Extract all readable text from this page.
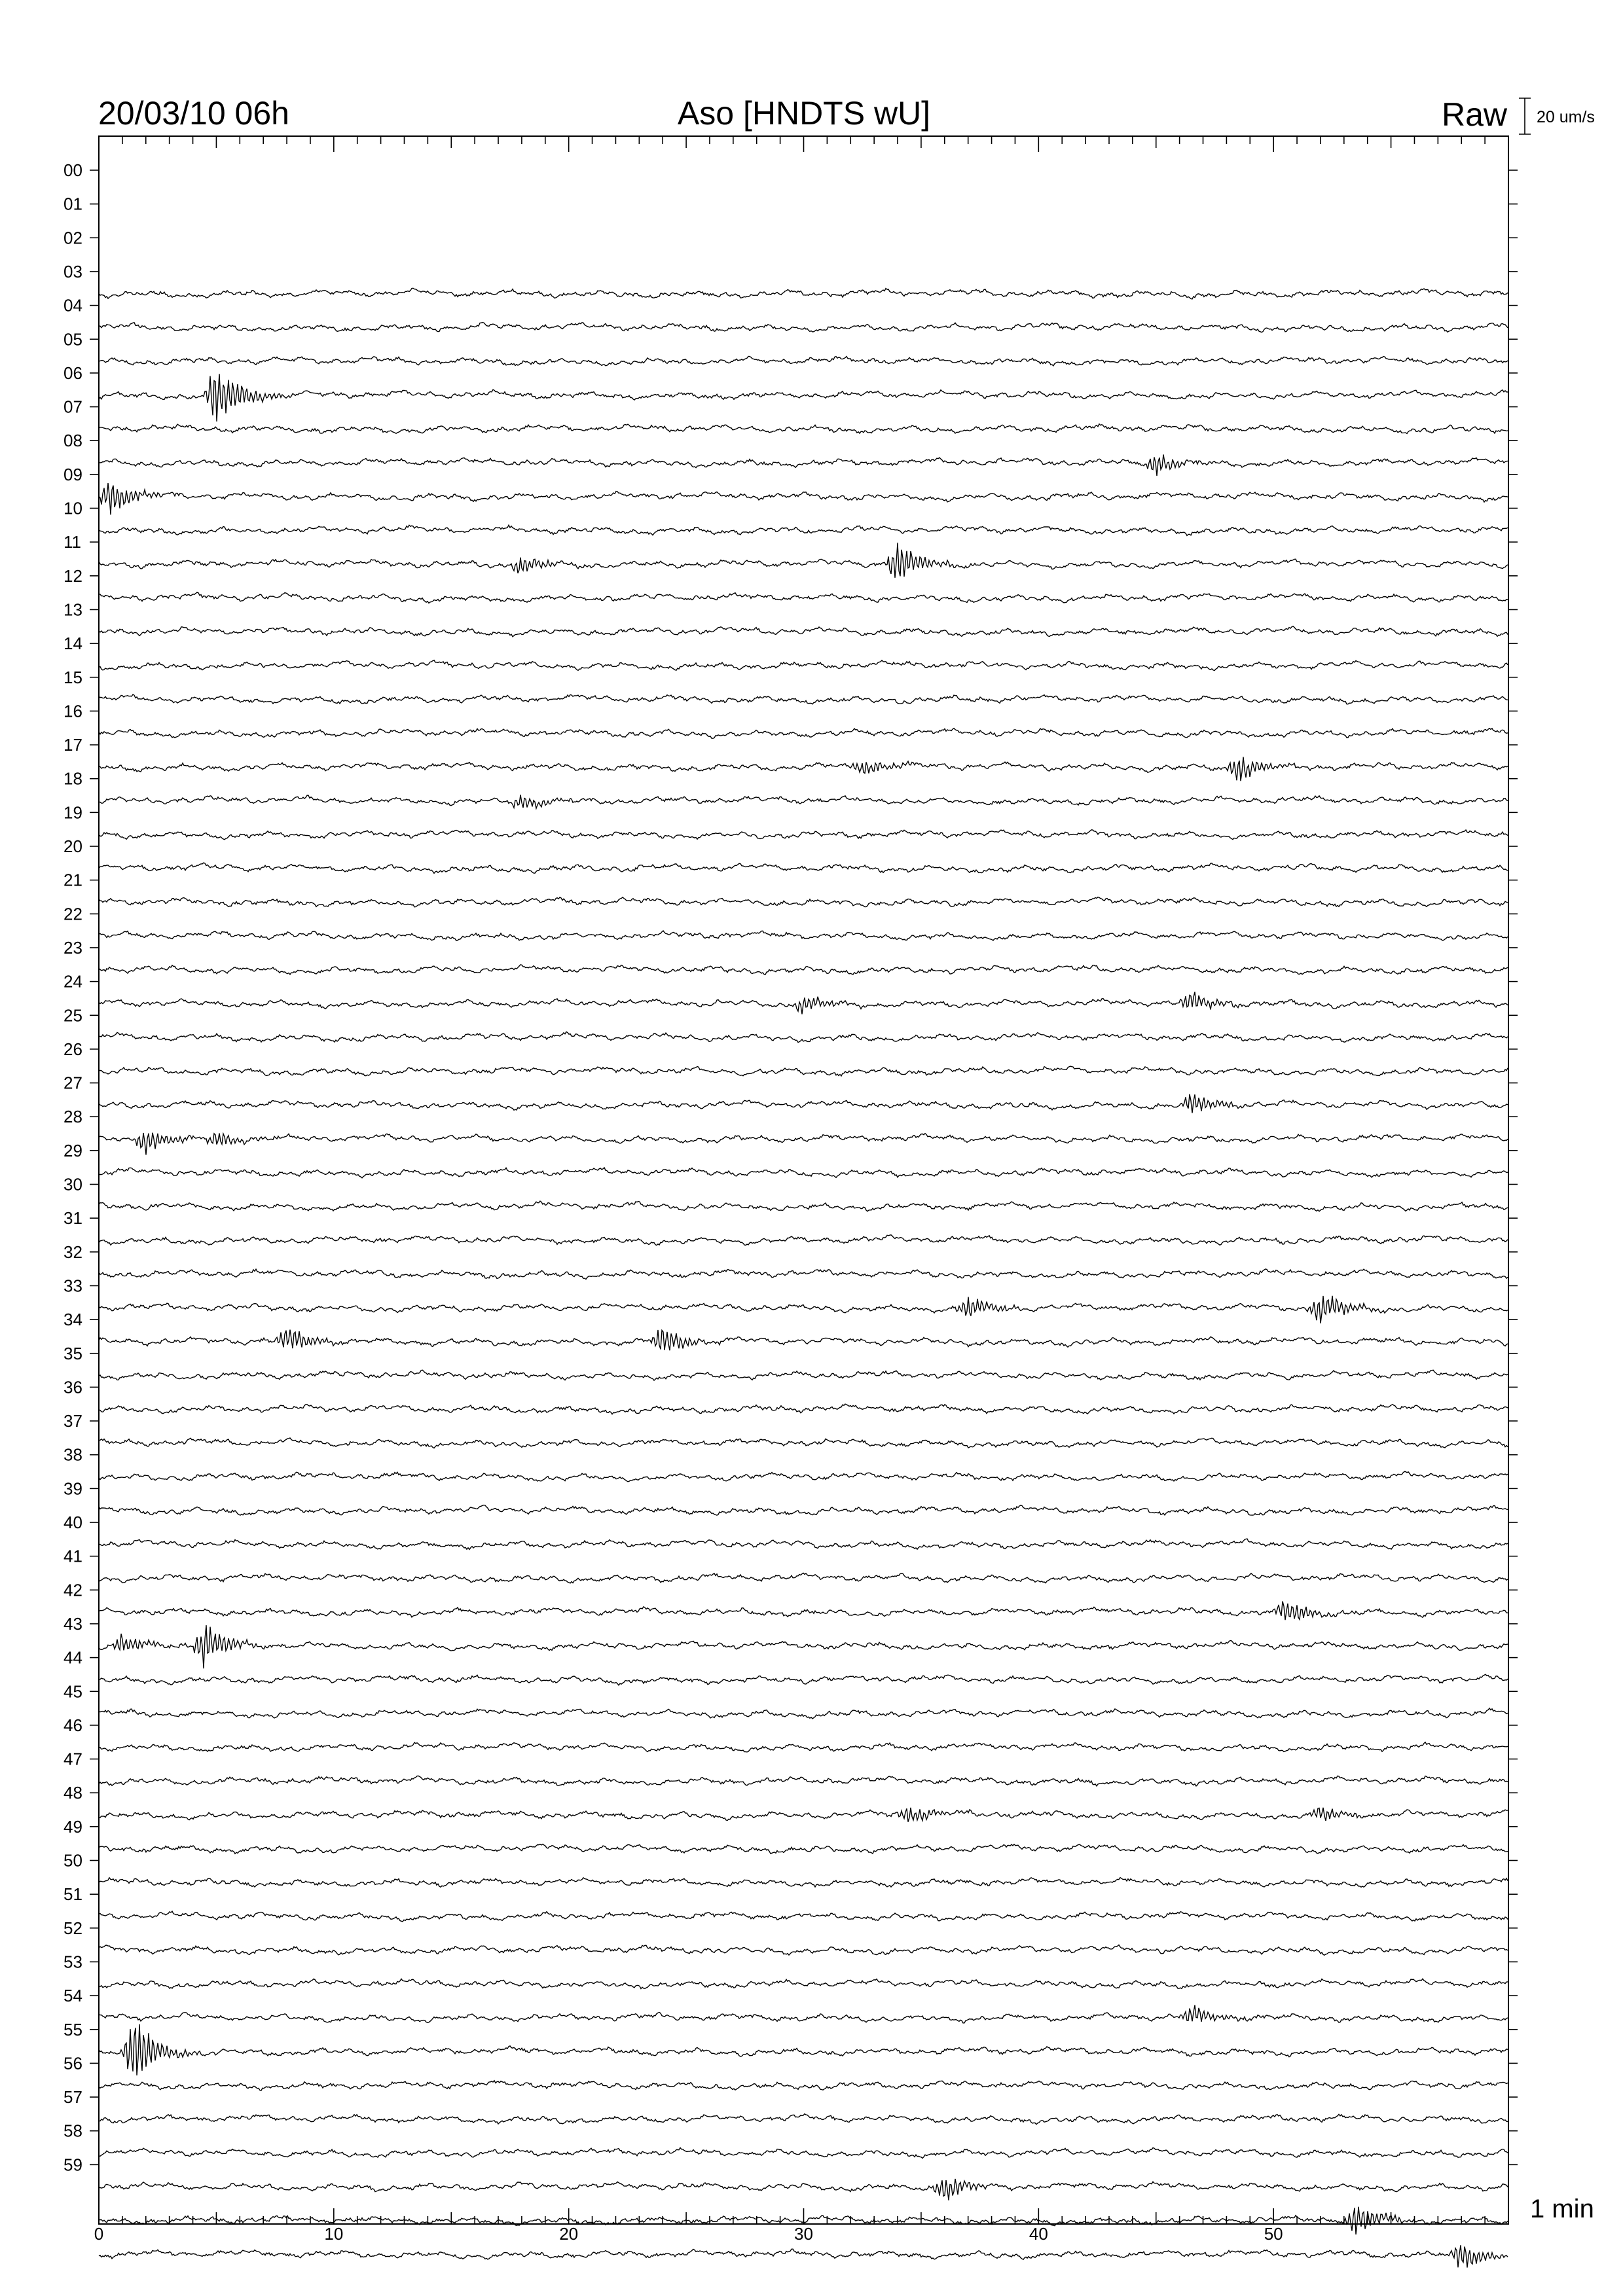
20/03/10 06h	Aso [HNDTS wU]	Raw 20 um/s
00
01
02
03
04
05
06
07
08
09
10
11
12
13
14
15
16
17
18
19
20
21
22
23
24
25
26
27
28
29
30
31
32
33
34
35
36
37
38
39
40
41
42
43
44
45
46
47
48
49
50
51
52
53
54
55
56
57
58
59
0	10	20	30	40	50
1 min
